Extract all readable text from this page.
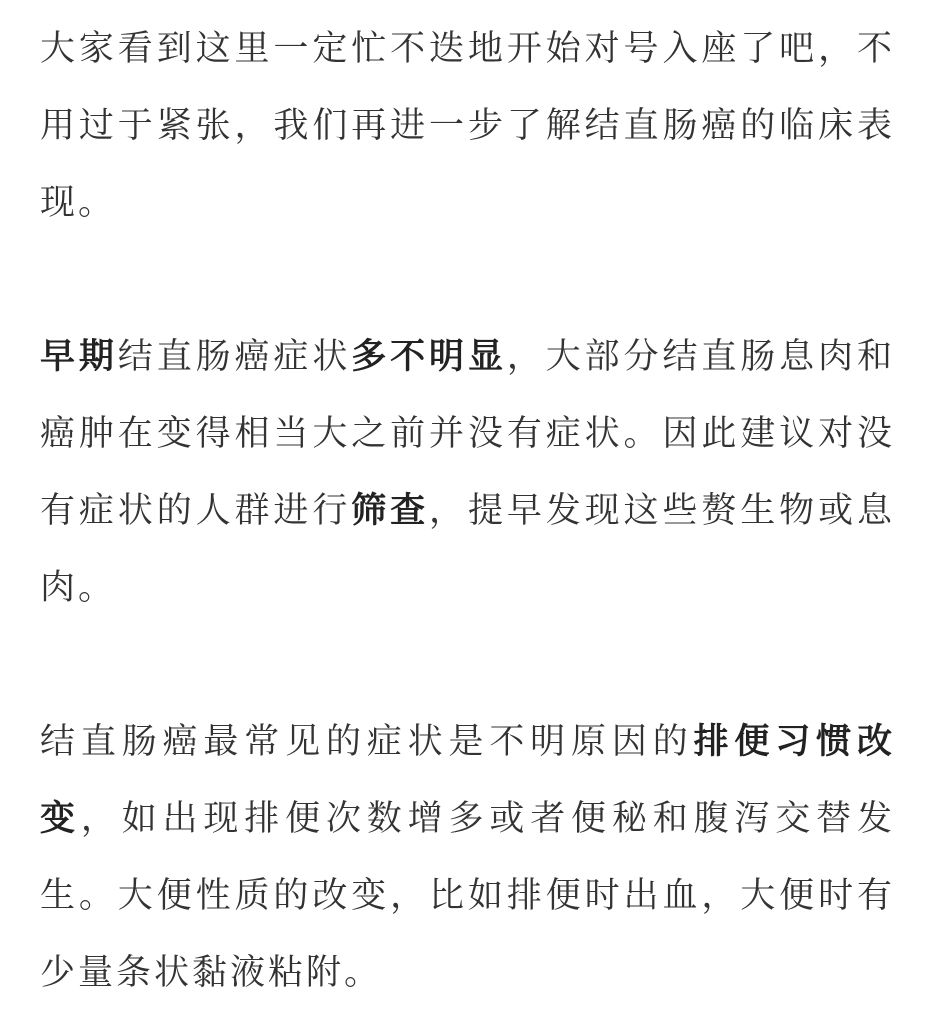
大家看到这里一定忙不迭地开始对号入座了吧，不用过于紧张，我们再进一步了解结直肠癌的临床表现。

早期结直肠癌症状多不明显，大部分结直肠息肉和癌肿在变得相当大之前并没有症状。因此建议对没有症状的人群进行筛查，提早发现这些赘生物或息肉。

结直肠癌最常见的症状是不明原因的排便习惯改变，如出现排便次数增多或者便秘和腹泻交替发生。大便性质的改变，比如排便时出血，大便时有少量条状黏液粘附。
